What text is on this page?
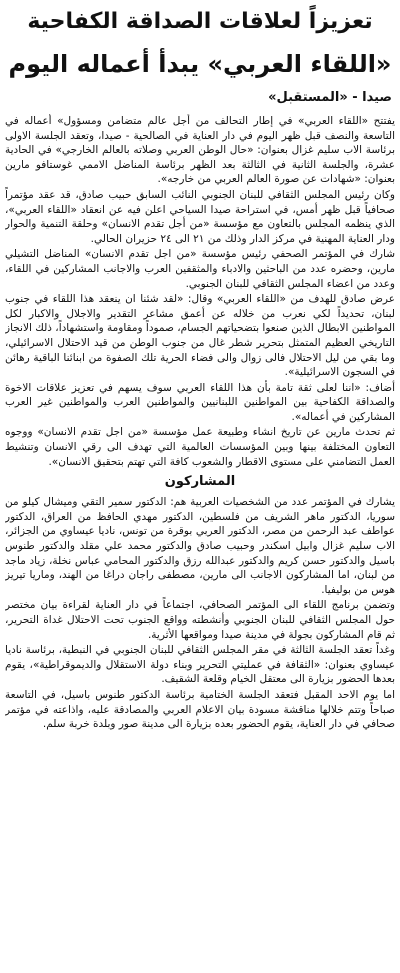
تعزيزاً لعلاقات الصداقة الكفاحية
«اللقاء العربي» يبدأ أعماله اليوم
صيدا - «المستقبل»

يفتتح «اللقاء العربي» في إطار التحالف من أجل عالم متضامن ومسؤول» أعماله في التاسعة والنصف قبل ظهر اليوم في دار العناية في الصالحية - صيدا، وتعقد الجلسة الاولى برئاسة الاب سليم غزال بعنوان: «حال الوطن العربي وصلاته بالعالم الخارجي» في الحادية عشرة، والجلسة الثانية في الثالثة بعد الظهر برئاسة المناضل الاممي غوستافو مارين بعنوان: «شهادات عن صورة العالم العربي من خارجه».

وكان رئيس المجلس الثقافي للبنان الجنوبي النائب السابق حبيب صادق، قد عقد مؤتمراً صحافياً قبل ظهر أمس، في استراحة صيدا السياحي اعلن فيه عن انعقاد «اللقاء العربي»، الذي ينظمه المجلس بالتعاون مع مؤسسة «من أجل تقدم الانسان» وحلقة التنمية والحوار ودار العناية المهنية في مركز الدار وذلك من ٢١ الى ٢٤ حزيران الحالي.

شارك في المؤتمر الصحفي رئيس مؤسسة «من اجل تقدم الانسان» المناضل التشيلي مارين، وحضره عدد من الباحثين والادباء والمثقفين العرب والاجانب المشاركين في اللقاء، وعدد من اعضاء المجلس الثقافي للبنان الجنوبي.

عرض صادق للهدف من «اللقاء العربي» وقال: «لقد شئنا ان ينعقد هذا اللقاء في جنوب لبنان، تحديداً لكي نعرب من خلاله عن أعمق مشاعر التقدير والاجلال والاكبار لكل المواطنين الابطال الذين صنعوا بتضحياتهم الجسام، صموداً ومقاومة واستشهاداً، ذلك الانجاز التاريخي العظيم المتمثل بتحرير شطر غال من جنوب الوطن من قيد الاحتلال الاسرائيلي، وما بقي من ليل الاحتلال فالى زوال والى فضاء الحرية تلك الصفوة من ابنائنا الباقية رهائن في السجون الاسرائيلية».

أضاف: «اننا لعلى ثقة تامة بأن هذا اللقاء العربي سوف يسهم في تعزيز علاقات الاخوة والصداقة الكفاحية بين المواطنين اللبنانيين والمواطنين العرب والمواطنين غير العرب المشاركين في أعماله».

ثم تحدث مارين عن تاريخ انشاء وطبيعة عمل مؤسسة «من اجل تقدم الانسان» ووجوه التعاون المختلفة بينها وبين المؤسسات العالمية التي تهدف الى رقي الانسان وتنشيط العمل التضامني على مستوى الاقطار والشعوب كافة التي تهتم بتحقيق الانسان».

المشاركون

يشارك في المؤتمر عدد من الشخصيات العربية هم: الدكتور سمير التقي وميشال كيلو من سوريا، الدكتور ماهر الشريف من فلسطين، الدكتور مهدي الحافظ من العراق، الدكتور عواطف عبد الرحمن من مصر، الدكتور العربي بوقرة من تونس، ناديا عيساوي من الجزائر، الاب سليم غزال وابيل اسكندر وحبيب صادق والدكتور محمد علي مقلد والدكتور طنوس باسيل والدكتور حسن كريم والدكتور عبدالله رزق والدكتور المحامي عباس نخلة، زياد ماجد من لبنان، اما المشاركون الاجانب الى مارين، مصطفى راجان دراغا من الهند، وماريا تيريز هوس من بوليفيا.

وتضمن برنامج اللقاء الى المؤتمر الصحافي، اجتماعاً في دار العناية لقراءة بيان مختصر حول المجلس الثقافي للبنان الجنوبي وأنشطته وواقع الجنوب تحت الاحتلال غداة التحرير، ثم قام المشاركون بجولة في مدينة صيدا ومواقعها الأثرية.

وغداً تعقد الجلسة الثالثة في مقر المجلس الثقافي للبنان الجنوبي في النبطية، برئاسة ناديا عيساوي بعنوان: «الثقافة في عمليتي التحرير وبناء دولة الاستقلال والديموقراطية»، يقوم بعدها الحضور بزيارة الى معتقل الخيام وقلعة الشقيف.

اما يوم الاحد المقبل فتعقد الجلسة الختامية برئاسة الدكتور طنوس باسيل، في التاسعة صباحاً وتتم خلالها مناقشة مسودة بيان الاعلام العربي والمصادقة عليه، واذاعته في مؤتمر صحافي في دار العناية، يقوم الحضور بعده بزيارة الى مدينة صور وبلدة خربة سلم.
